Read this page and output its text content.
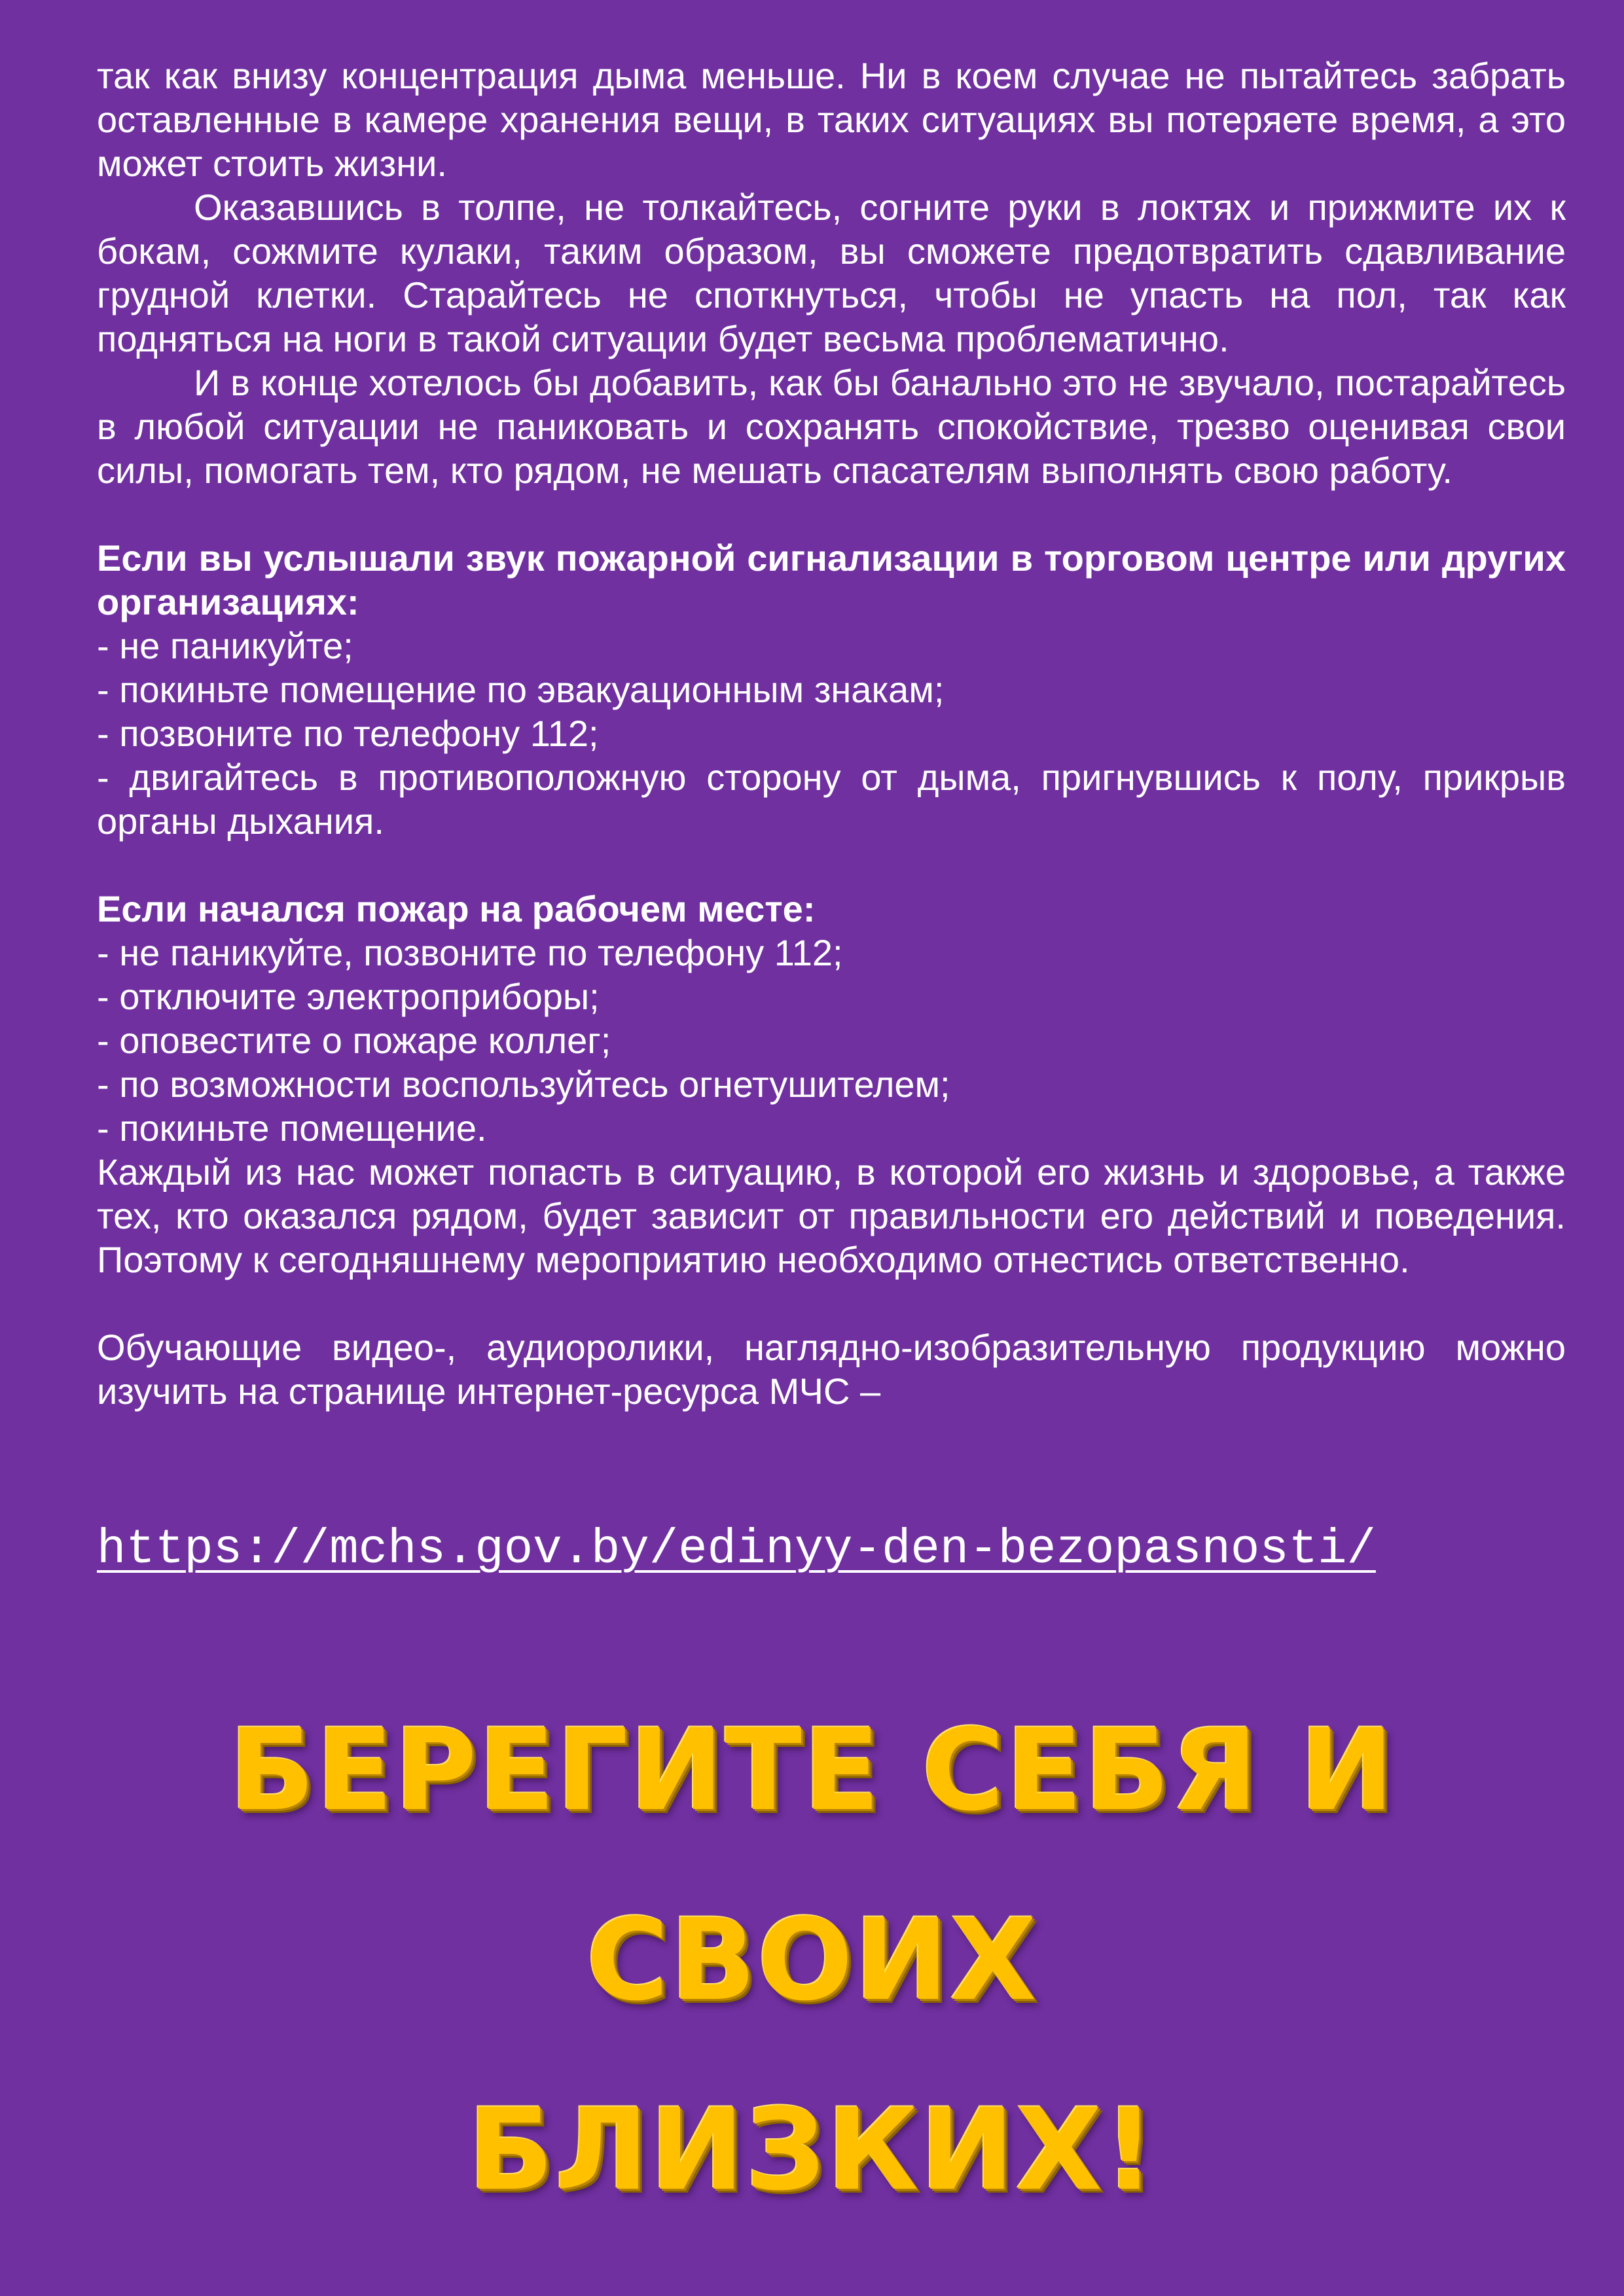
так как внизу концентрация дыма меньше. Ни в коем случае не пытайтесь забрать оставленные в камере хранения вещи, в таких ситуациях вы потеряете время, а это может стоить жизни.

Оказавшись в толпе, не толкайтесь, согните руки в локтях и прижмите их к бокам, сожмите кулаки, таким образом, вы сможете предотвратить сдавливание грудной клетки. Старайтесь не споткнуться, чтобы не упасть на пол, так как подняться на ноги в такой ситуации будет весьма проблематично.

И в конце хотелось бы добавить, как бы банально это не звучало, постарайтесь в любой ситуации не паниковать и сохранять спокойствие, трезво оценивая свои силы, помогать тем, кто рядом, не мешать спасателям выполнять свою работу.

Если вы услышали звук пожарной сигнализации в торговом центре или других организациях:

- не паникуйте;
- покиньте помещение по эвакуационным знакам;
- позвоните по телефону 112;
- двигайтесь в противоположную сторону от дыма, пригнувшись к полу, прикрыв органы дыхания.

Если начался пожар на рабочем месте:

- не паникуйте, позвоните по телефону 112;
- отключите электроприборы;
- оповестите о пожаре коллег;
- по возможности воспользуйтесь огнетушителем;
- покиньте помещение.

Каждый из нас может попасть в ситуацию, в которой его жизнь и здоровье, а также тех, кто оказался рядом, будет зависит от правильности его действий и поведения. Поэтому к сегодняшнему мероприятию необходимо отнестись ответственно.

Обучающие видео-, аудиоролики, наглядно-изобразительную продукцию можно изучить на странице интернет-ресурса МЧС –

https://mchs.gov.by/edinyy-den-bezopasnosti/
БЕРЕГИТЕ СЕБЯ И СВОИХ
БЛИЗКИХ!
